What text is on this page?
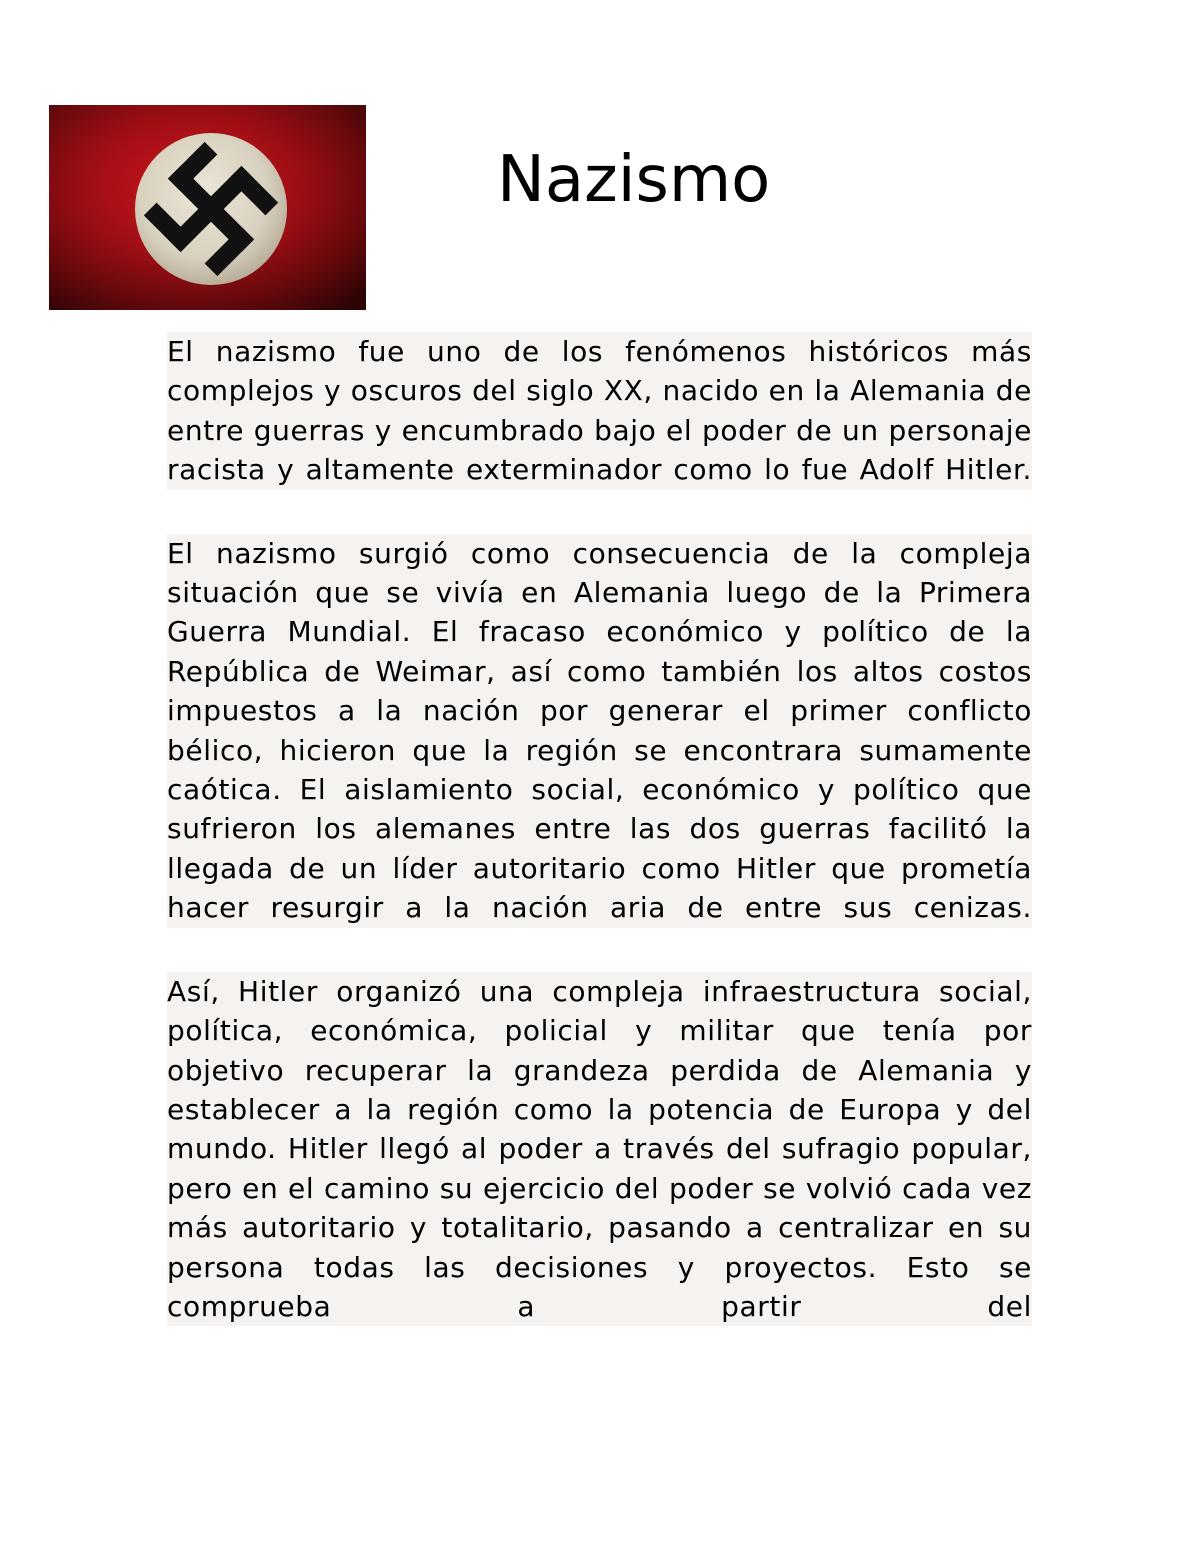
Nazismo

El nazismo fue uno de los fenómenos históricos más complejos y oscuros del siglo XX, nacido en la Alemania de entre guerras y encumbrado bajo el poder de un personaje racista y altamente exterminador como lo fue Adolf Hitler.

El nazismo surgió como consecuencia de la compleja situación que se vivía en Alemania luego de la Primera Guerra Mundial. El fracaso económico y político de la República de Weimar, así como también los altos costos impuestos a la nación por generar el primer conflicto bélico, hicieron que la región se encontrara sumamente caótica. El aislamiento social, económico y político que sufrieron los alemanes entre las dos guerras facilitó la llegada de un líder autoritario como Hitler que prometía hacer resurgir a la nación aria de entre sus cenizas.

Así, Hitler organizó una compleja infraestructura social, política, económica, policial y militar que tenía por objetivo recuperar la grandeza perdida de Alemania y establecer a la región como la potencia de Europa y del mundo. Hitler llegó al poder a través del sufragio popular, pero en el camino su ejercicio del poder se volvió cada vez más autoritario y totalitario, pasando a centralizar en su persona todas las decisiones y proyectos. Esto se comprueba a partir del
